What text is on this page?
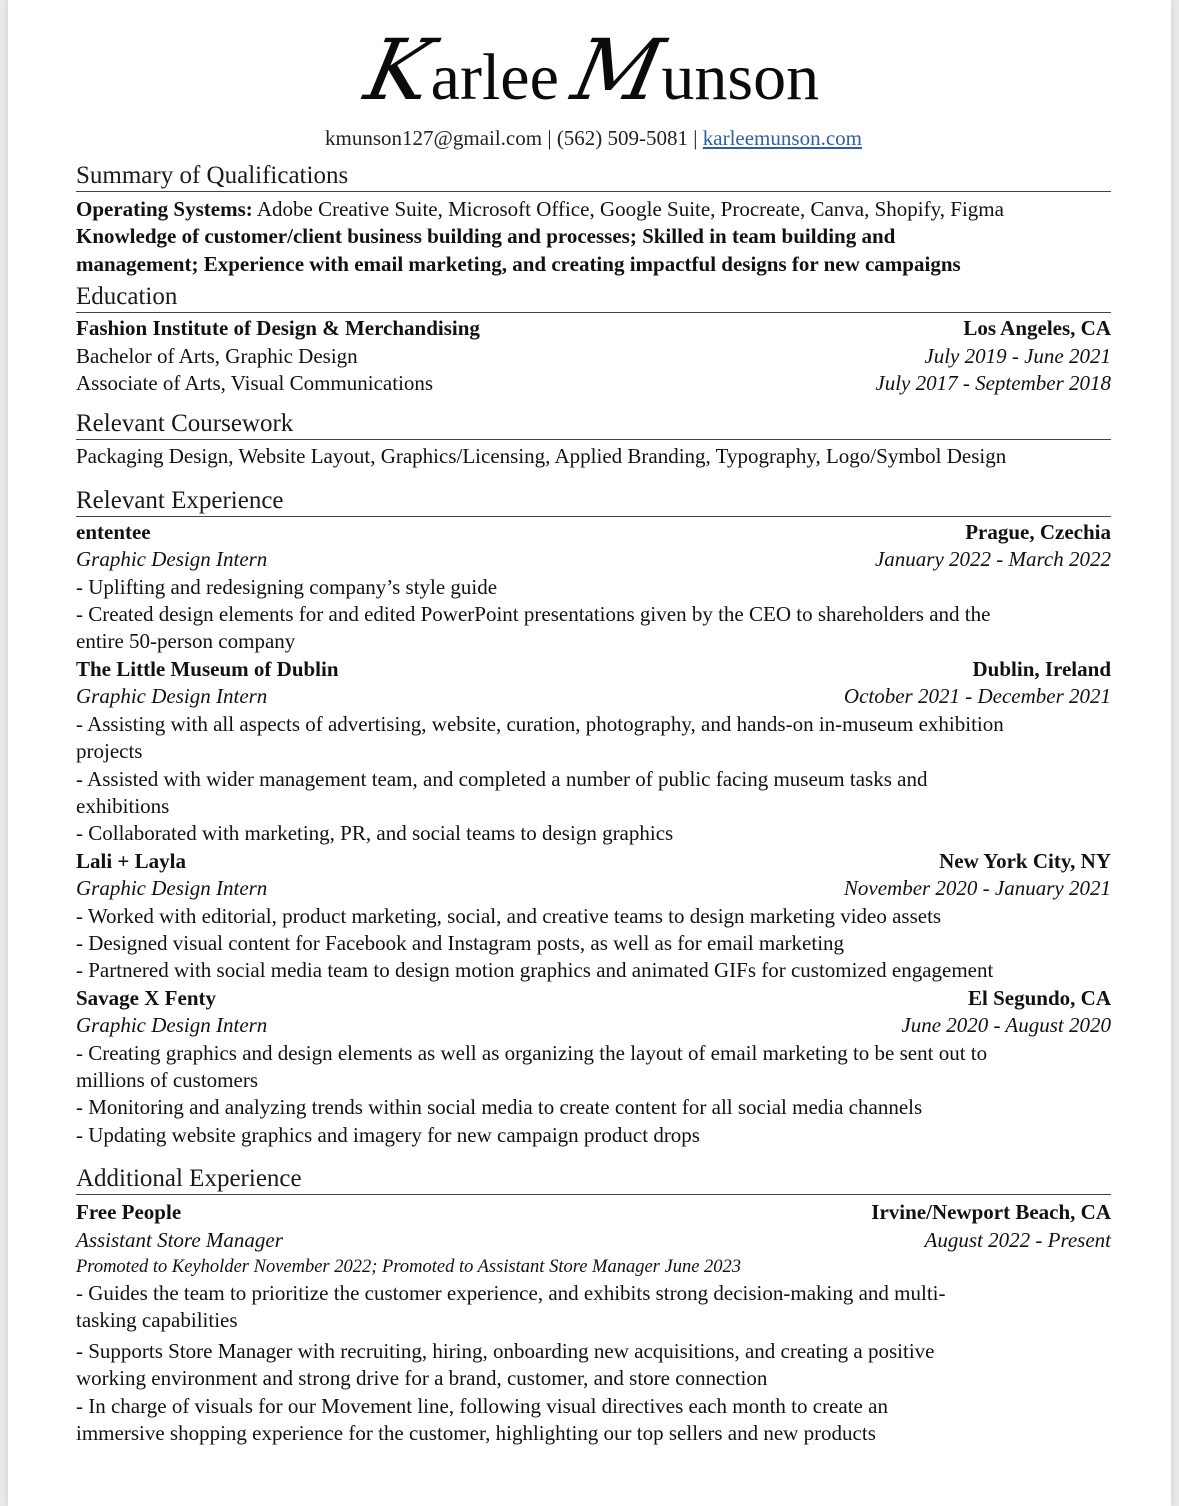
Karlee Munson
kmunson127@gmail.com | (562) 509-5081 | karleemunson.com
Summary of Qualifications
Operating Systems: Adobe Creative Suite, Microsoft Office, Google Suite, Procreate, Canva, Shopify, Figma
Knowledge of customer/client business building and processes; Skilled in team building and
management; Experience with email marketing, and creating impactful designs for new campaigns
Education
Fashion Institute of Design & Merchandising	Los Angeles, CA
Bachelor of Arts, Graphic Design	July 2019 - June 2021
Associate of Arts, Visual Communications	July 2017 - September 2018
Relevant Coursework
Packaging Design, Website Layout, Graphics/Licensing, Applied Branding, Typography, Logo/Symbol Design
Relevant Experience
ententee	Prague, Czechia
Graphic Design Intern	January 2022 - March 2022
- Uplifting and redesigning company’s style guide
- Created design elements for and edited PowerPoint presentations given by the CEO to shareholders and the
entire 50-person company
The Little Museum of Dublin	Dublin, Ireland
Graphic Design Intern	October 2021 - December 2021
- Assisting with all aspects of advertising, website, curation, photography, and hands-on in-museum exhibition
projects
- Assisted with wider management team, and completed a number of public facing museum tasks and
exhibitions
- Collaborated with marketing, PR, and social teams to design graphics
Lali + Layla	New York City, NY
Graphic Design Intern	November 2020 - January 2021
- Worked with editorial, product marketing, social, and creative teams to design marketing video assets
- Designed visual content for Facebook and Instagram posts, as well as for email marketing
- Partnered with social media team to design motion graphics and animated GIFs for customized engagement
Savage X Fenty	El Segundo, CA
Graphic Design Intern	June 2020 - August 2020
- Creating graphics and design elements as well as organizing the layout of email marketing to be sent out to
millions of customers
- Monitoring and analyzing trends within social media to create content for all social media channels
- Updating website graphics and imagery for new campaign product drops
Additional Experience
Free People	Irvine/Newport Beach, CA
Assistant Store Manager	August 2022 - Present
Promoted to Keyholder November 2022; Promoted to Assistant Store Manager June 2023
- Guides the team to prioritize the customer experience, and exhibits strong decision-making and multi-
tasking capabilities
- Supports Store Manager with recruiting, hiring, onboarding new acquisitions, and creating a positive
working environment and strong drive for a brand, customer, and store connection
- In charge of visuals for our Movement line, following visual directives each month to create an
immersive shopping experience for the customer, highlighting our top sellers and new products
